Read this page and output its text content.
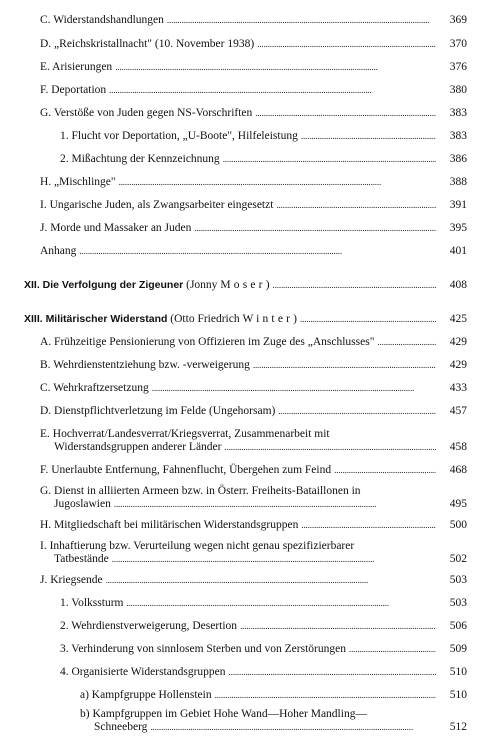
C. Widerstandshandlungen . . .	369
D. „Reichskristallnacht" (10. November 1938) . . .	370
E. Arisierungen . . .	376
F. Deportation . . .	380
G. Verstöße von Juden gegen NS-Vorschriften . . .	383
1. Flucht vor Deportation, „U-Boote", Hilfeleistung . . .	383
2. Mißachtung der Kennzeichnung . . .	386
H. „Mischlinge" . . .	388
I. Ungarische Juden, als Zwangsarbeiter eingesetzt . . .	391
J. Morde und Massaker an Juden . . .	395
Anhang . . .	401
XII. Die Verfolgung der Zigeuner (Jonny Moser) . . .	408
XIII. Militärischer Widerstand (Otto Friedrich Winter) . . .	425
A. Frühzeitige Pensionierung von Offizieren im Zuge des „Anschlusses" . . .	429
B. Wehrdienstentziehung bzw. -verweigerung . . .	429
C. Wehrkraftzersetzung . . .	433
D. Dienstpflichtverletzung im Felde (Ungehorsam) . . .	457
E. Hochverrat/Landesverrat/Kriegsverrat, Zusammenarbeit mit
Widerstandsgruppen anderer Länder . . .	458
F. Unerlaubte Entfernung, Fahnenflucht, Übergehen zum Feind . . .	468
G. Dienst in alliierten Armeen bzw. in Österr. Freiheits-Bataillonen in
Jugoslawien . . .	495
H. Mitgliedschaft bei militärischen Widerstandsgruppen . . .	500
I. Inhaftierung bzw. Verurteilung wegen nicht genau spezifizierbarer
Tatbestände . . .	502
J. Kriegsende . . .	503
1. Volkssturm . . .	503
2. Wehrdienstverweigerung, Desertion . . .	506
3. Verhinderung von sinnlosem Sterben und von Zerstörungen . . .	509
4. Organisierte Widerstandsgruppen . . .	510
a) Kampfgruppe Hollenstein . . .	510
b) Kampfgruppen im Gebiet Hohe Wand—Hoher Mandling—
Schneeberg . . .	512
